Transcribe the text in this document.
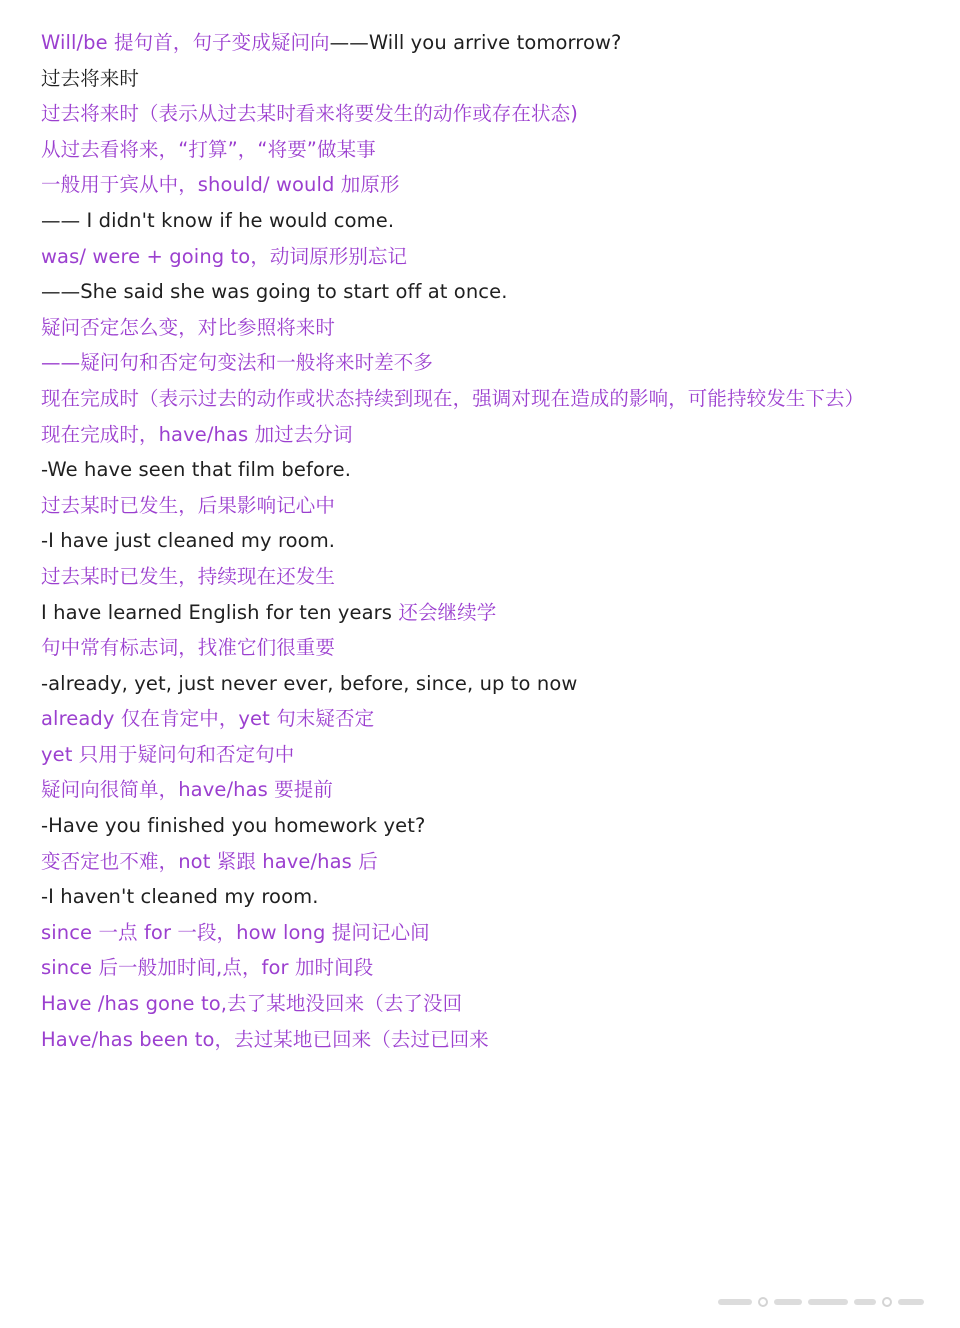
Will/be 提句首，句子变成疑问向——Will you arrive tomorrow?
过去将来时
过去将来时（表示从过去某时看来将要发生的动作或存在状态)
从过去看将来，“打算”，“将要”做某事
一般用于宾从中，should/ would 加原形
—— I didn't know if he would come.
was/ were + going to，动词原形别忘记
——She said she was going to start off at once.
疑问否定怎么变，对比参照将来时
——疑问句和否定句变法和一般将来时差不多
现在完成时（表示过去的动作或状态持续到现在，强调对现在造成的影响，可能持较发生下去）
现在完成时，have/has 加过去分词
-We have seen that film before.
过去某时已发生，后果影响记心中
-I have just cleaned my room.
过去某时已发生，持续现在还发生
I have learned English for ten years 还会继续学
句中常有标志词，找准它们很重要
-already, yet, just never ever, before, since, up to now
already 仅在肯定中，yet 句末疑否定
yet 只用于疑问句和否定句中
疑问向很简单，have/has 要提前
-Have you finished you homework yet?
变否定也不难，not 紧跟 have/has 后
-I haven't cleaned my room.
since 一点 for 一段，how long 提问记心间
since 后一般加时间,点，for 加时间段
Have /has gone to,去了某地没回来（去了没回
Have/has been to，去过某地已回来（去过已回来
